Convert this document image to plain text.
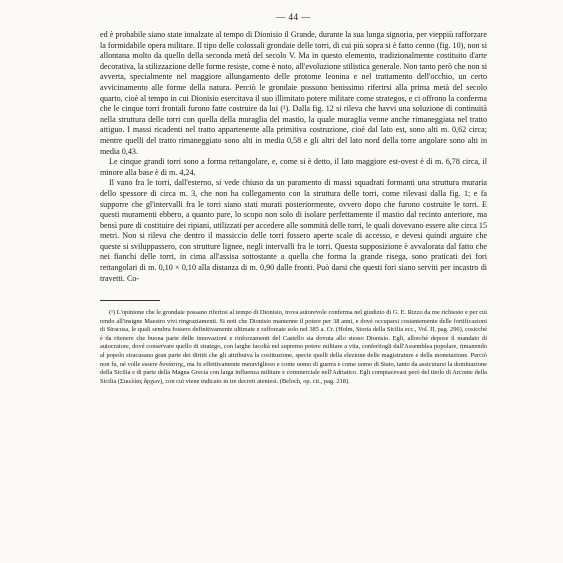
— 44 —

ed è probabile siano state innalzate al tempo di Dionisio il Grande, durante la sua lunga signoria, per vieppiù rafforzare la formidabile opera militare. Il tipo delle colossali grondaie delle torri, di cui più sopra si è fatto cenno (fig. 10), non si allontana molto da quello della seconda metà del secolo V. Ma in questo elemento, tradizionalmente costituito d'arte decorativa, la stilizzazione delle forme resiste, come è noto, all'evoluzione stilistica generale. Non tanto però che non si avverta, specialmente nel maggiore allungamento delle protome leonina e nel trattamento dell'occhio, un certo avvicinamento alle forme della natura. Perciò le grondaie possono benissimo riferirsi alla prima metà del secolo quarto, cioè al tempo in cui Dionisio esercitava il suo illimitato potere militare come strategos, e ci offrono la conferma che le cinque torri frontali furono fatte costruire da lui (¹). Dalla fig. 12 si rileva che havvi una soluzione di continuità nella struttura delle torri con quella della muraglia del mastio, la quale muraglia venne anche rimaneggiata nel tratto attiguo. I massi ricadenti nel tratto appartenente alla primitiva costruzione, cioè dal lato est, sono alti m. 0,62 circa; mentre quelli del tratto rimaneggiato sono alti in media 0,58 e gli altri del lato nord della torre angolare sono alti in media 0,43.

Le cinque grandi torri sono a forma rettangolare, e, come si è detto, il lato maggiore est-ovest è di m. 6,78 circa, il minore alla base è di m. 4,24.

Il vano fra le torri, dall'esterno, si vede chiuso da un paramento di massi squadrati formanti una struttura muraria dello spessore di circa m. 3, che non ha collegamento con la struttura delle torri, come rilevasi dalla fig. 1; e fa supporre che gl'intervalli fra le torri siano stati murati posteriormente, ovvero dopo che furono costruite le torri. E questi muramenti ebbero, a quanto pare, lo scopo non solo di isolare perfettamente il mastio dal recinto anteriore, ma bensì pure di costituire dei ripiani, utilizzati per accedere alle sommità delle torri, le quali dovevano essere alte circa 15 metri. Non si rileva che dentro il massiccio delle torri fossero aperte scale di accesso, e devesi quindi arguire che queste si sviluppassero, con strutture lignee, negli intervalli fra le torri. Questa supposizione è avvalorata dal fatto che nei fianchi delle torri, in cima all'assisa sottostante a quella che forma la grande risega, sono praticati dei fori rettangolari di m. 0,10 × 0,10 alla distanza di m. 0,90 dalle fronti. Può darsi che questi fori siano serviti per incastro di travetti. Co-

(¹) L'opinione che le grondaie possano riferirsi al tempo di Dionisio, trova autorevole conferma nel giudizio di G. E. Rizzo da me richiesto e per cui rendo all'insigne Maestro vivi ringraziamenti. Si noti che Dionisio mantenne il potere per 38 anni, e dové occuparsi costantemente delle fortificazioni di Siracusa, le quali sembra fossero definitivamente ultimate e rafforzate solo nel 385 a. Cr. (Holm, Storia della Sicilia ecc., Vol. II, pag. 296), cosicché è da ritenere che buona parte delle innovazioni e rinforzamenti del Castello sia dovuta allo stesso Dionisio. Egli, allorché depose il mandato di autocratore, dové conservare quello di stratego, con larghe facoltà nel supremo potere militare a vita, conferitogli dall'Assemblea popolare, rimanendo al popolo siracusano gran parte dei diritti che gli attribuiva la costituzione, specie quelli della elezione delle magistrature e della monetazione. Perciò non fu, né volle essere δυνάστης, ma fu effettivamente meraviglioso e come uomo di guerra e come uomo di Stato, tanto da assicurarsi la dominazione della Sicilia e di parte della Magna Grecia con larga influenza militare e commerciale nell'Adriatico. Egli compiacevasi però del titolo di Arconte della Sicilia (Σικελίας ἄρχων), con cui viene indicato in tre decreti ateniesi. (Beloch, op. cit., pag. 218).
